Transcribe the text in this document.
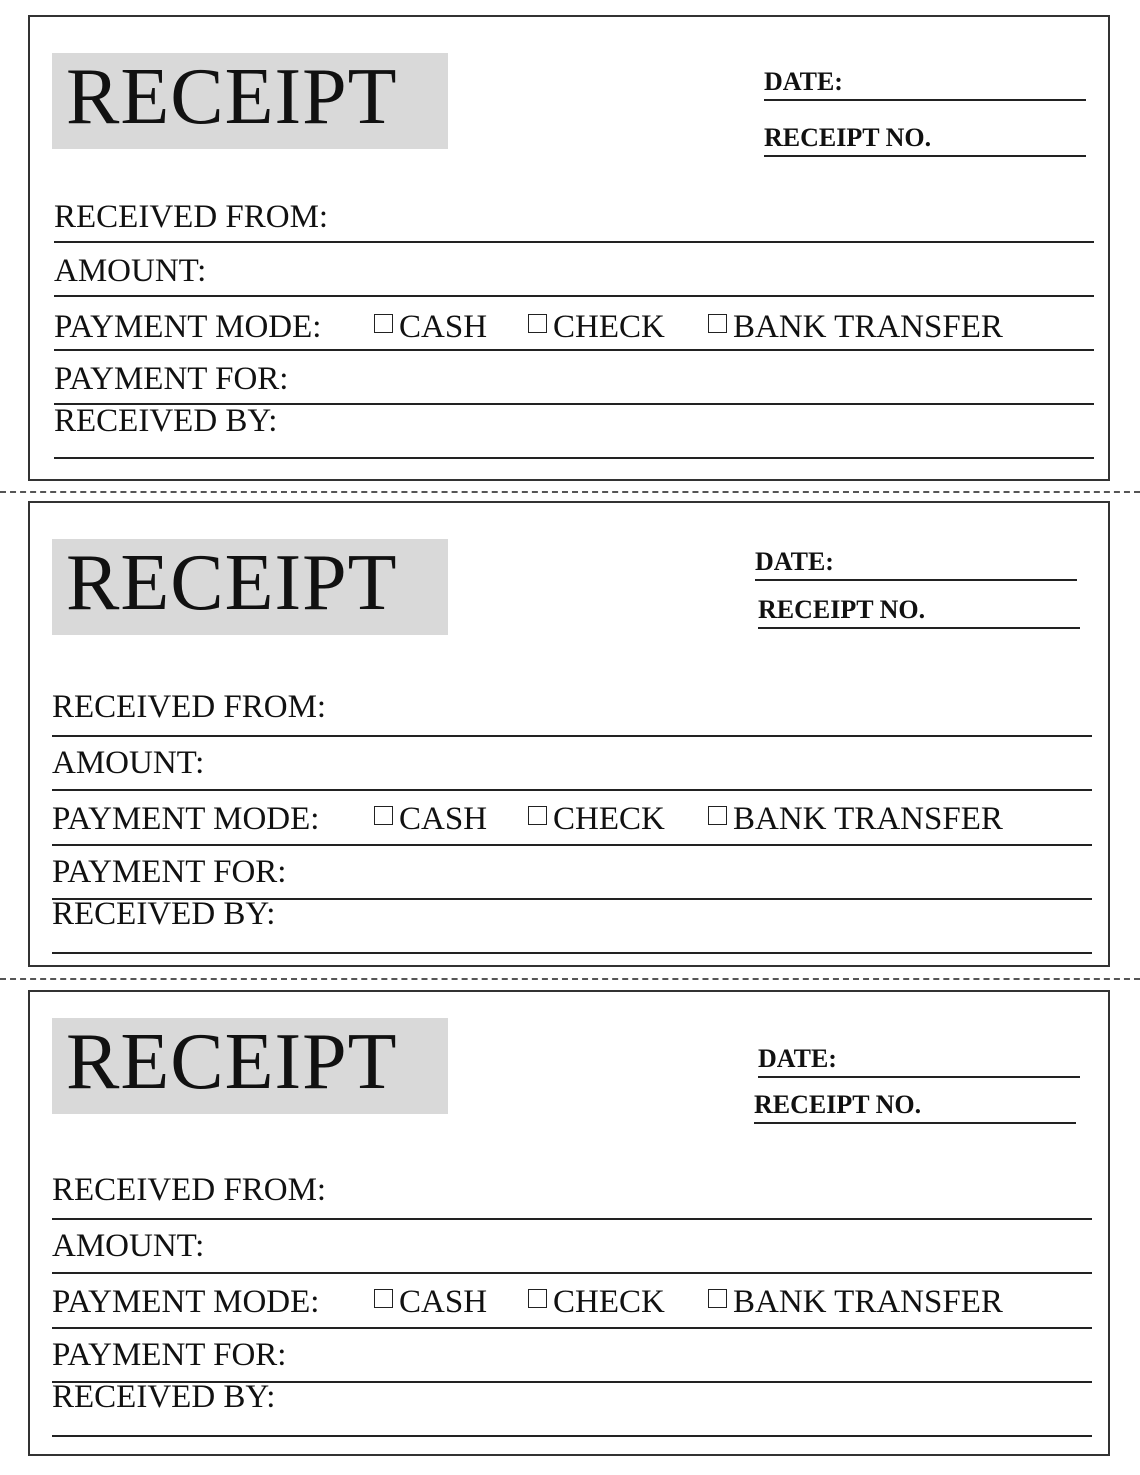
RECEIPT	DATE:
RECEIPT NO.
RECEIVED FROM:
AMOUNT:
PAYMENT MODE: CASH CHECK BANK TRANSFER
PAYMENT FOR:
RECEIVED BY:
RECEIPT	DATE:
RECEIPT NO.
RECEIVED FROM:
AMOUNT:
PAYMENT MODE: CASH CHECK BANK TRANSFER
PAYMENT FOR:
RECEIVED BY:
RECEIPT	DATE:
RECEIPT NO.
RECEIVED FROM:
AMOUNT:
PAYMENT MODE: CASH CHECK BANK TRANSFER
PAYMENT FOR:
RECEIVED BY:
